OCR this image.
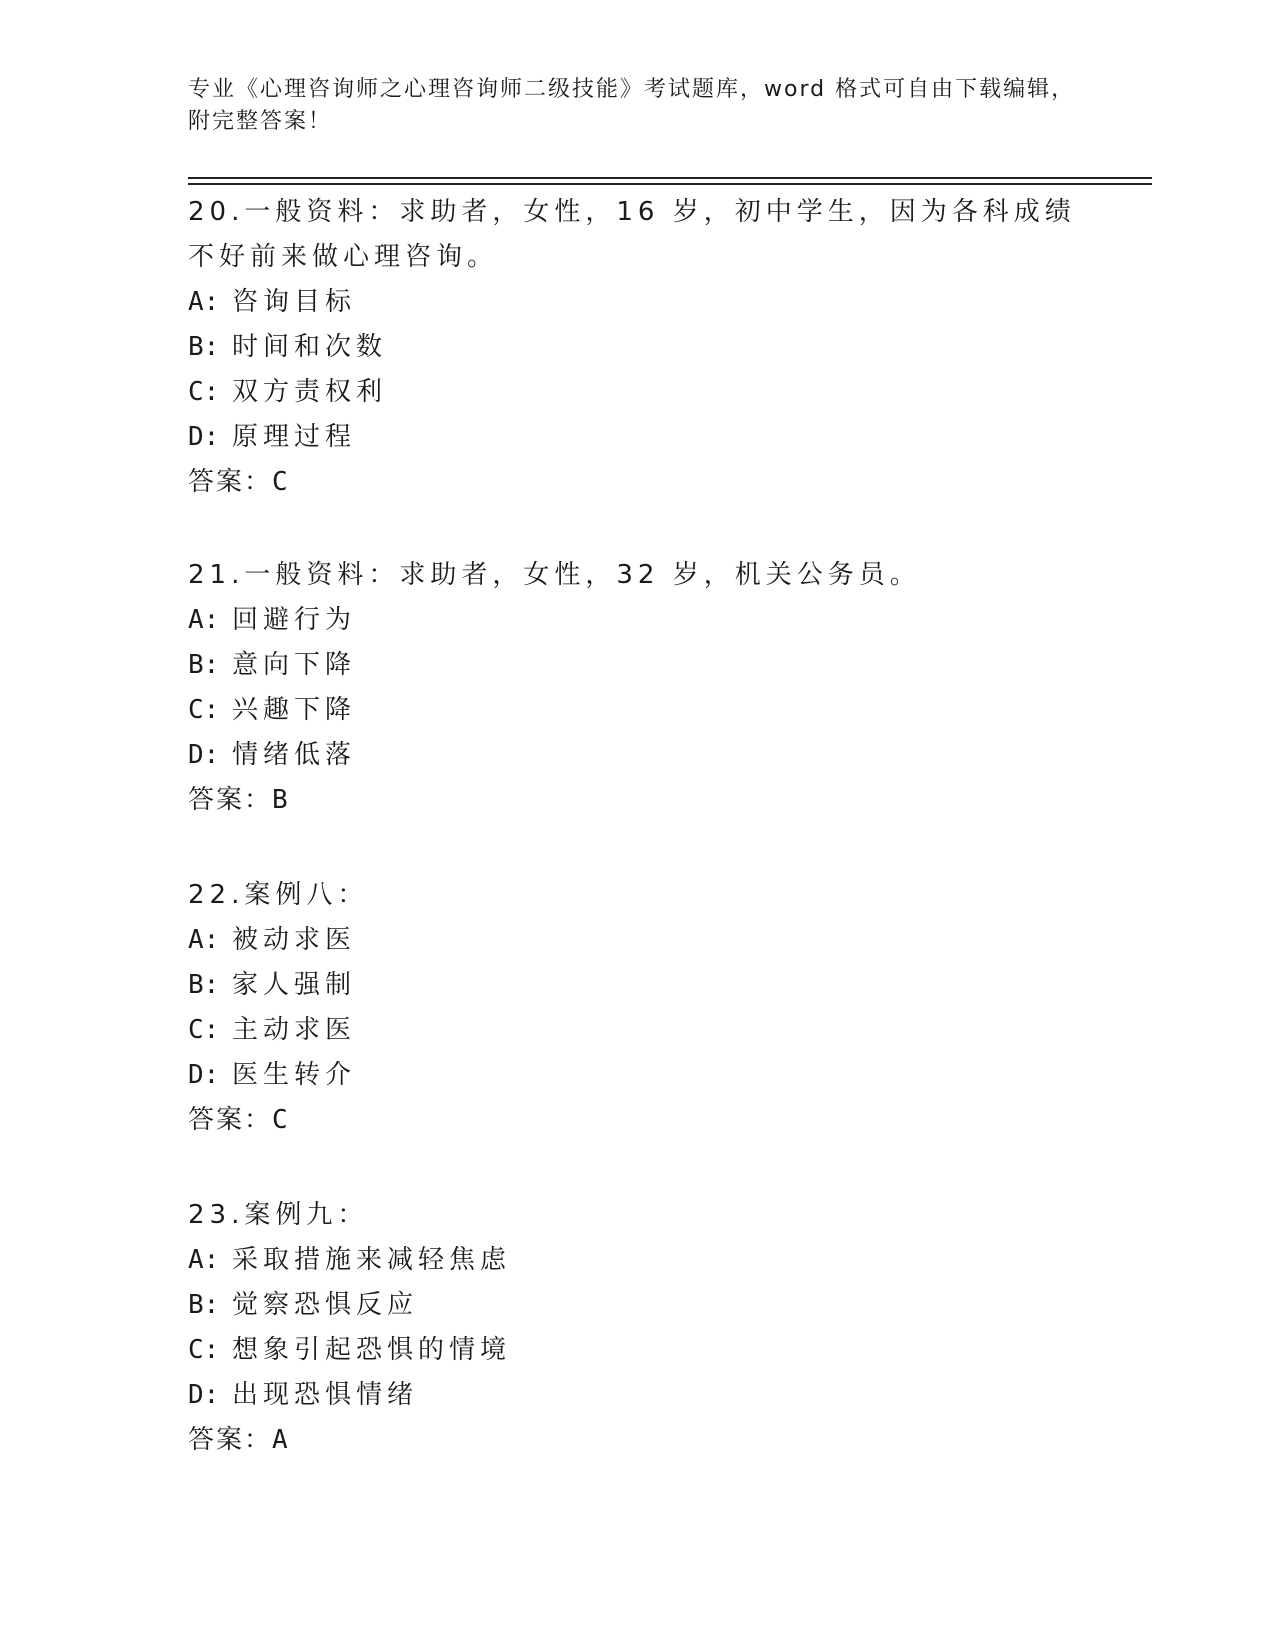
专业《心理咨询师之心理咨询师二级技能》考试题库，word 格式可自由下载编辑，附完整答案！
20.一般资料：求助者，女性，16 岁，初中学生，因为各科成绩不好前来做心理咨询。
A: 咨询目标
B: 时间和次数
C: 双方责权利
D: 原理过程
答案：C
21.一般资料：求助者，女性，32 岁，机关公务员。
A: 回避行为
B: 意向下降
C: 兴趣下降
D: 情绪低落
答案：B
22.案例八：
A: 被动求医
B: 家人强制
C: 主动求医
D: 医生转介
答案：C
23.案例九：
A: 采取措施来减轻焦虑
B: 觉察恐惧反应
C: 想象引起恐惧的情境
D: 出现恐惧情绪
答案：A
